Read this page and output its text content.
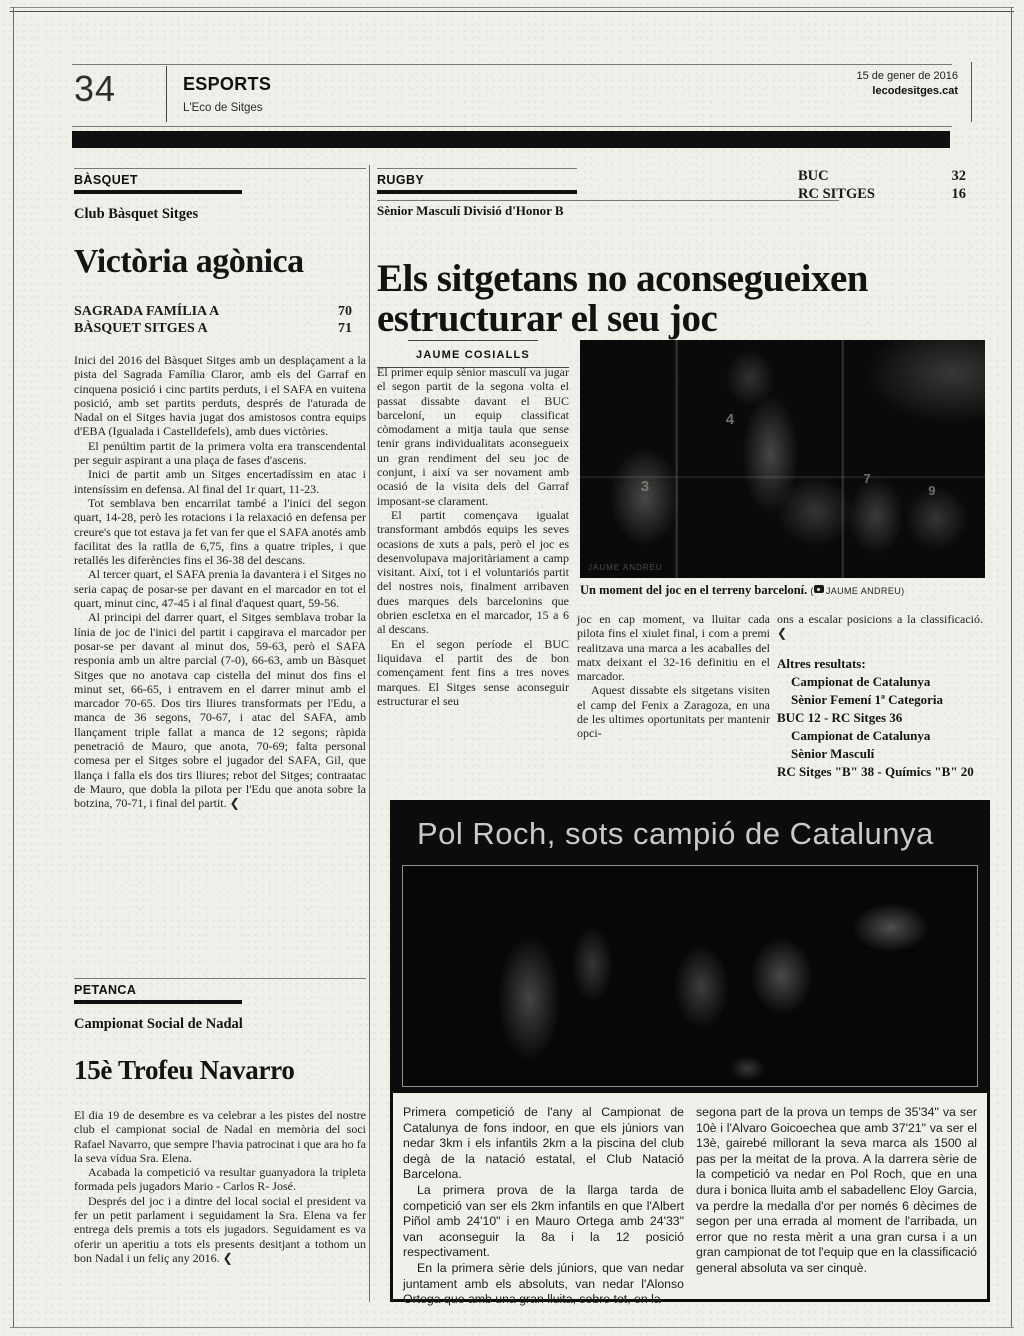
34	ESPORTS
L'Eco de Sitges
15 de gener de 2016
lecodesitges.cat
BÀSQUET
Club Bàsquet Sitges
Victòria agònica
SAGRADA FAMÍLIA A	70
BÀSQUET SITGES A	71

Inici del 2016 del Bàsquet Sitges amb un desplaçament a la pista del Sagrada Família Claror, amb els del Garraf en cinquena posició i cinc partits perduts, i el SAFA en vuitena posició, amb set partits perduts, després de l'aturada de Nadal on el Sitges havia jugat dos amistosos contra equips d'EBA (Igualada i Castelldefels), amb dues victòries.

El penúltim partit de la primera volta era transcendental per seguir aspirant a una plaça de fases d'ascens.

Inici de partit amb un Sitges encertadíssim en atac i intensíssim en defensa. Al final del 1r quart, 11-23.

Tot semblava ben encarrilat també a l'inici del segon quart, 14-28, però les rotacions i la relaxació en defensa per creure's que tot estava ja fet van fer que el SAFA anotés amb facilitat des la ratlla de 6,75, fins a quatre triples, i que retallés les diferències fins el 36-38 del descans.

Al tercer quart, el SAFA prenia la davantera i el Sitges no seria capaç de posar-se per davant en el marcador en tot el quart, minut cinc, 47-45 i al final d'aquest quart, 59-56.

Al principi del darrer quart, el Sitges semblava trobar la línia de joc de l'inici del partit i capgirava el marcador per posar-se per davant al minut dos, 59-63, però el SAFA responia amb un altre parcial (7-0), 66-63, amb un Bàsquet Sitges que no anotava cap cistella del minut dos fins el minut set, 66-65, i entravem en el darrer minut amb el marcador 70-65. Dos tirs lliures transformats per l'Edu, a manca de 36 segons, 70-67, i atac del SAFA, amb llançament triple fallat a manca de 12 segons; ràpida penetració de Mauro, que anota, 70-69; falta personal comesa per el Sitges sobre el jugador del SAFA, Gil, que llança i falla els dos tirs lliures; rebot del Sitges; contraatac de Mauro, que dobla la pilota per l'Edu que anota sobre la botzina, 70-71, i final del partit. ❮

RUGBY
Sènior Masculí Divisió d'Honor B
BUC	32
RC SITGES	16
Els sitgetans no aconsegueixen estructurar el seu joc
JAUME COSIALLS

El primer equip sènior masculí va jugar el segon partit de la segona volta el passat dissabte davant el BUC barceloní, un equip classificat còmodament a mitja taula que sense tenir grans individualitats aconsegueix un gran rendiment del seu joc de conjunt, i així va ser novament amb ocasió de la visita dels del Garraf imposant-se clarament.

El partit començava igualat transformant ambdós equips les seves ocasions de xuts a pals, però el joc es desenvolupava majoritàriament a camp visitant. Així, tot i el voluntariós partit del nostres nois, finalment arribaven dues marques dels barcelonins que obrien escletxa en el marcador, 15 a 6 al descans.

En el segon període el BUC liquidava el partit des de bon començament fent fins a tres noves marques. El Sitges sense aconseguir estructurar el seu

4
3	7
9
JAUME ANDREU
Un moment del joc en el terreny barceloní. ( JAUME ANDREU)

joc en cap moment, va lluitar cada pilota fins el xiulet final, i com a premi realitzava una marca a les acaballes del matx deixant el 32-16 definitiu en el marcador.

Aquest dissabte els sitgetans visiten el camp del Fenix a Zaragoza, en una de les ultimes oportunitats per mantenir opci-

ons a escalar posicions a la classificació. ❮

Altres resultats:
Campionat de Catalunya
Sènior Femení 1ª Categoria
BUC 12 - RC Sitges 36
Campionat de Catalunya
Sènior Masculí
RC Sitges "B" 38 - Químics "B" 20
PETANCA
Campionat Social de Nadal
15è Trofeu Navarro

El dia 19 de desembre es va celebrar a les pistes del nostre club el campionat social de Nadal en memòria del soci Rafael Navarro, que sempre l'havia patrocinat i que ara ho fa la seva vídua Sra. Elena.

Acabada la competició va resultar guanyadora la tripleta formada pels jugadors Mario - Carlos R- José.

Després del joc i a dintre del local social el president va fer un petit parlament i seguidament la Sra. Elena va fer entrega dels premis a tots els jugadors. Seguidament es va oferir un aperitiu a tots els presents desitjant a tothom un bon Nadal i un feliç any 2016. ❮

Pol Roch, sots campió de Catalunya

Primera competició de l'any al Campionat de Catalunya de fons indoor, en que els júniors van nedar 3km i els infantils 2km a la piscina del club degà de la natació estatal, el Club Natació Barcelona.

La primera prova de la llarga tarda de competició van ser els 2km infantils en que l'Albert Piñol amb 24'10" i en Mauro Ortega amb 24'33" van aconseguir la 8a i la 12 posició respectivament.

En la primera sèrie dels júniors, que van nedar juntament amb els absoluts, van nedar l'Alonso Ortega que amb una gran lluita, sobre tot, en la

segona part de la prova un temps de 35'34" va ser 10è i l'Alvaro Goicoechea que amb 37'21" va ser el 13è, gairebé millorant la seva marca als 1500 al pas per la meitat de la prova. A la darrera sèrie de la competició va nedar en Pol Roch, que en una dura i bonica lluita amb el sabadellenc Eloy Garcia, va perdre la medalla d'or per només 6 dècimes de segon per una errada al moment de l'arribada, un error que no resta mèrit a una gran cursa i a un gran campionat de tot l'equip que en la classificació general absoluta va ser cinquè.
